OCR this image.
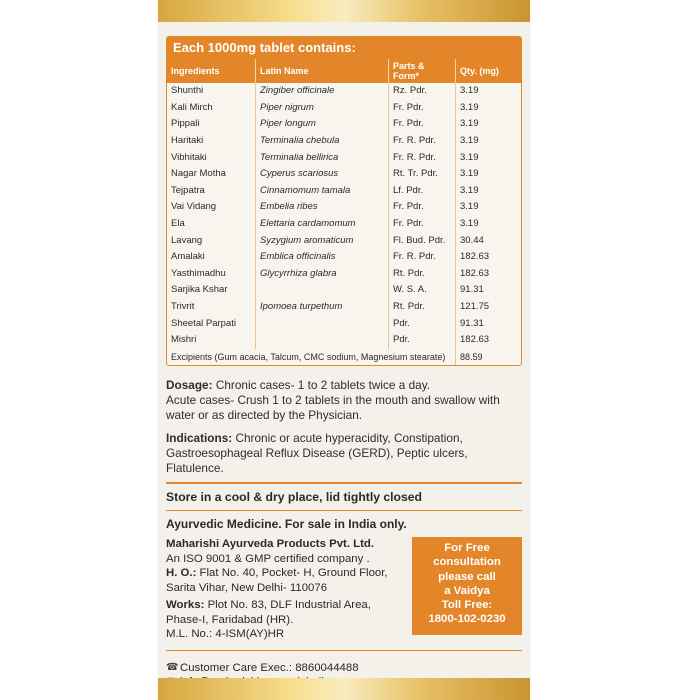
Each 1000mg tablet contains:
Ingredients	Latin Name	Parts & Form*	Qty. (mg)
Shunthi	Zingiber officinale	Rz. Pdr.	3.19
Kali Mirch	Piper nigrum	Fr. Pdr.	3.19
Pippali	Piper longum	Fr. Pdr.	3.19
Haritaki	Terminalia chebula	Fr. R. Pdr.	3.19
Vibhitaki	Terminalia bellirica	Fr. R. Pdr.	3.19
Nagar Motha	Cyperus scariosus	Rt. Tr. Pdr.	3.19
Tejpatra	Cinnamomum tamala	Lf. Pdr.	3.19
Vai Vidang	Embelia ribes	Fr. Pdr.	3.19
Ela	Elettaria cardamomum	Fr. Pdr.	3.19
Lavang	Syzygium aromaticum	Fl. Bud. Pdr.	30.44
Amalaki	Emblica officinalis	Fr. R. Pdr.	182.63
Yasthimadhu	Glycyrrhiza glabra	Rt. Pdr.	182.63
Sarjika Kshar		W. S. A.	91.31
Trivrit	Ipomoea turpethum	Rt. Pdr.	121.75
Sheetal Parpati		Pdr.	91.31
Mishri		Pdr.	182.63
Excipients (Gum acacia, Talcum, CMC sodium, Magnesium stearate)			88.59
Dosage: Chronic cases- 1 to 2 tablets twice a day.
Acute cases- Crush 1 to 2 tablets in the mouth and swallow with water or as directed by the Physician.
Indications: Chronic or acute hyperacidity, Constipation, Gastroesophageal Reflux Disease (GERD), Peptic ulcers, Flatulence.
Store in a cool & dry place, lid tightly closed
Ayurvedic Medicine. For sale in India only.
Maharishi Ayurveda Products Pvt. Ltd.
An ISO 9001 & GMP certified company .
H. O.: Flat No. 40, Pocket- H, Ground Floor, Sarita Vihar, New Delhi- 110076
Works: Plot No. 83, DLF Industrial Area, Phase-I, Faridabad (HR).
M.L. No.: 4-ISM(AY)HR
For Free
consultation
please call
a Vaidya
Toll Free:
1800-102-0230
☎ Customer Care Exec.: 8860044488
